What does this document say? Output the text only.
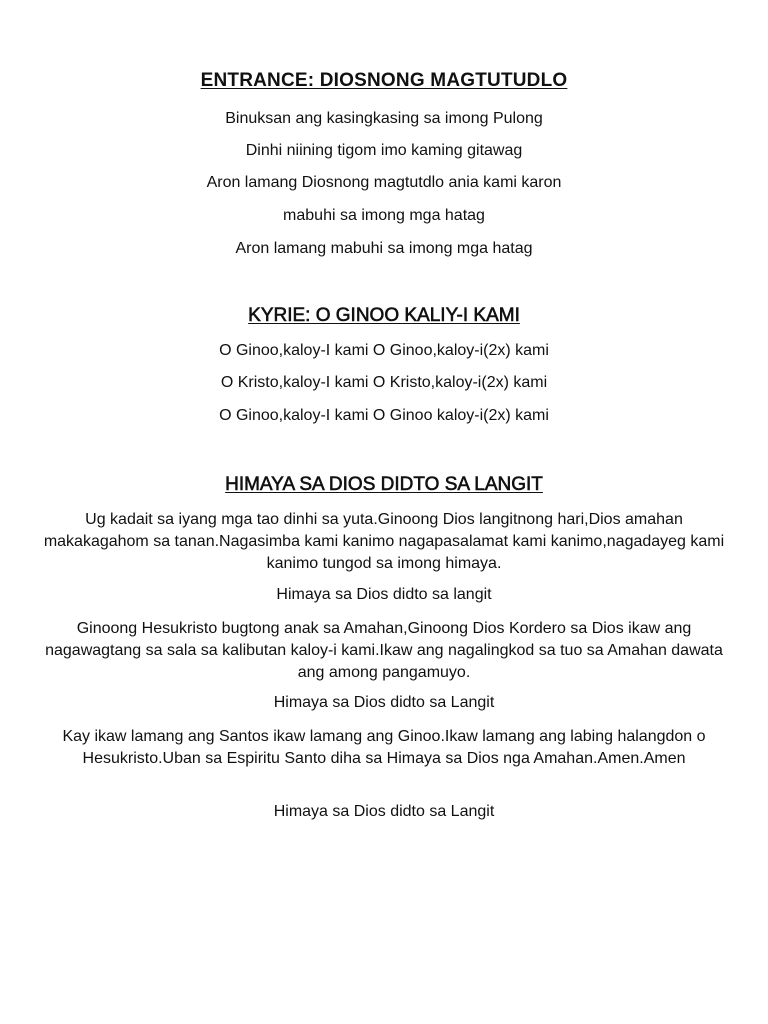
ENTRANCE: DIOSNONG MAGTUTUDLO

Binuksan ang kasingkasing sa imong Pulong

Dinhi niining tigom imo kaming gitawag

Aron lamang Diosnong magtutdlo ania kami karon

mabuhi sa imong mga hatag

Aron lamang mabuhi sa imong mga hatag

KYRIE: O GINOO KALIY-I KAMI

O Ginoo,kaloy-I kami O Ginoo,kaloy-i(2x) kami

O Kristo,kaloy-I kami O Kristo,kaloy-i(2x) kami

O Ginoo,kaloy-I kami O Ginoo kaloy-i(2x) kami

HIMAYA SA DIOS DIDTO SA LANGIT

Ug kadait sa iyang mga tao dinhi sa yuta.Ginoong Dios langitnong hari,Dios amahan makakagahom sa tanan.Nagasimba kami kanimo nagapasalamat kami kanimo,nagadayeg kami kanimo tungod sa imong himaya.

Himaya sa Dios didto sa langit

Ginoong Hesukristo bugtong anak sa Amahan,Ginoong Dios Kordero sa Dios ikaw ang nagawagtang sa sala sa kalibutan kaloy-i kami.Ikaw ang nagalingkod sa tuo sa Amahan dawata ang among pangamuyo.

Himaya sa Dios didto sa Langit

Kay ikaw lamang ang Santos ikaw lamang ang Ginoo.Ikaw lamang ang labing halangdon o Hesukristo.Uban sa Espiritu Santo diha sa Himaya sa Dios nga Amahan.Amen.Amen

Himaya sa Dios didto sa Langit
